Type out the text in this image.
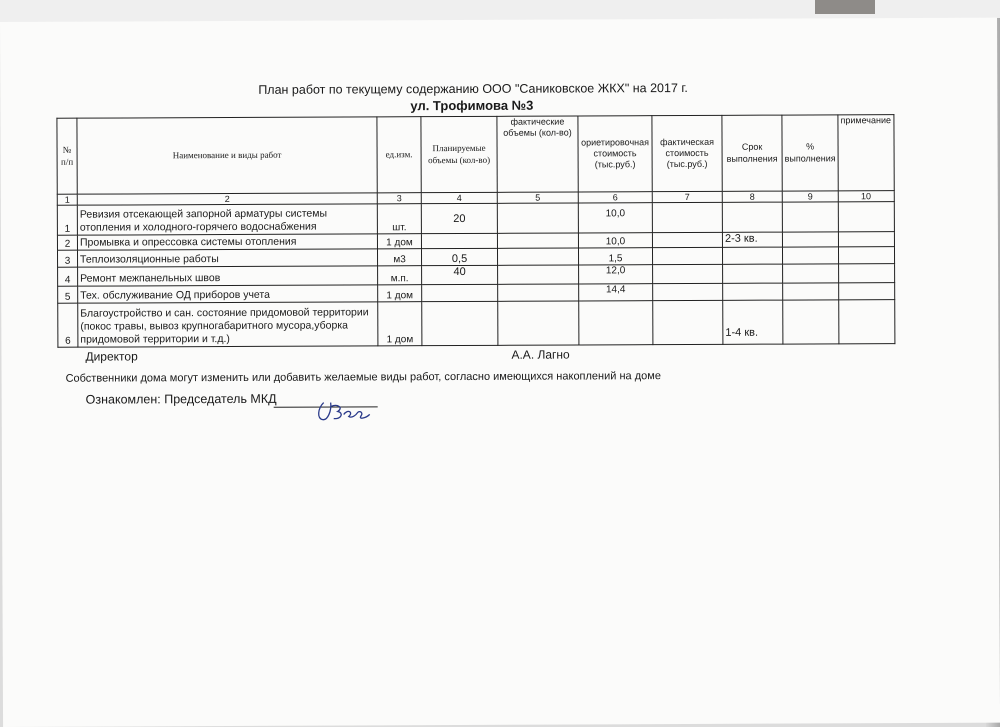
План работ по текущему содержанию ООО "Саниковское ЖКХ" на 2017 г.
ул. Трофимова №3
№ п/п	Наименование и виды работ	ед.изм.	Планируемые объемы (кол-во)	фактические объемы (кол-во)	ориетировочная стоимость (тыс.руб.)	фактическая стоимость (тыс.руб.)	Срок выполнения	% выполнения	примечание
1	2	3	4	5	6	7	8	9	10
1	Ревизия отсекающей запорной арматуры системы отопления и холодного-горячего водоснабжения	шт.	20		10,0				
2	Промывка и опрессовка системы отопления	1 дом			10,0		2-3 кв.		
3	Теплоизоляционные работы	м3	0,5		1,5				
4	Ремонт межпанельных швов	м.п.	40		12,0				
5	Тех. обслуживание ОД приборов учета	1 дом			14,4				
6	Благоустройство и сан. состояние придомовой территории (покос травы, вывоз крупногабаритного мусора,уборка придомовой территории и т.д.)	1 дом					1-4 кв.		
Директор	А.А. Лагно
Собственники дома могут изменить или добавить желаемые виды работ, согласно имеющихся накоплений на доме
Ознакомлен: Председатель МКД
